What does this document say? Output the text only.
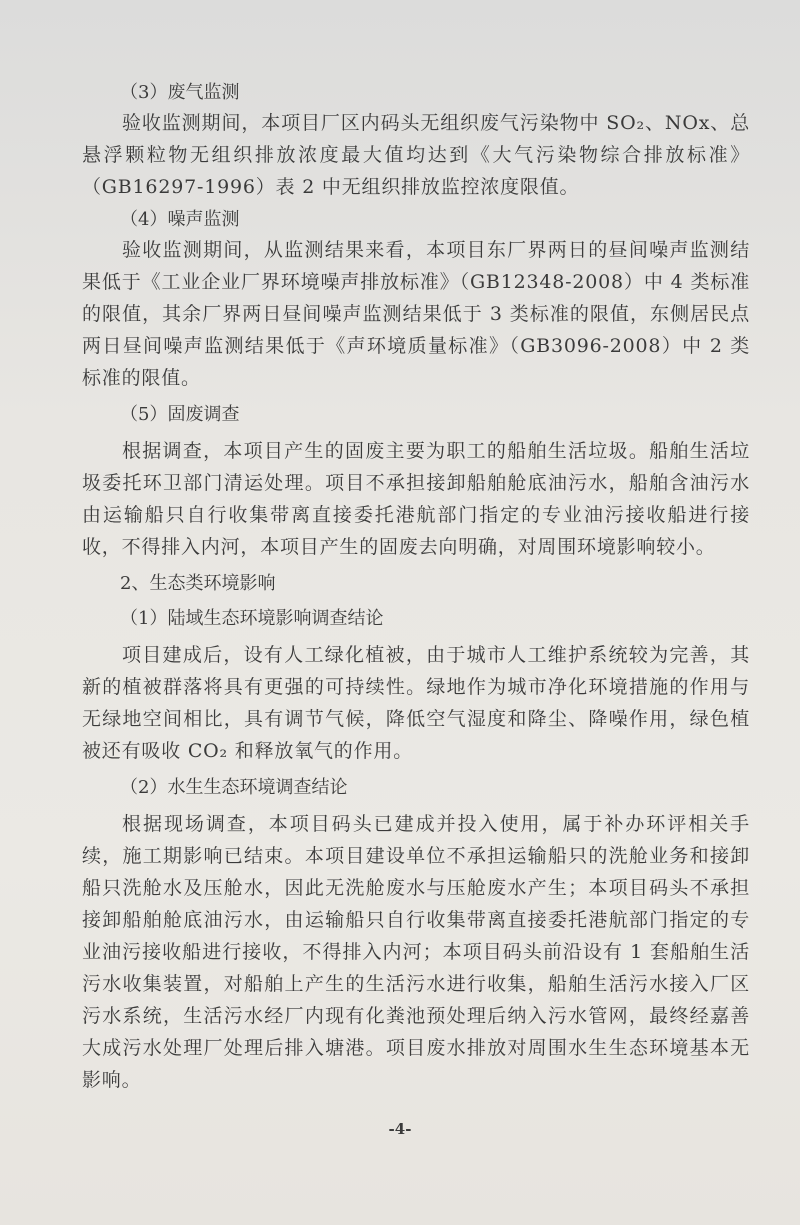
（3）废气监测

验收监测期间，本项目厂区内码头无组织废气污染物中 SO₂、NOx、总悬浮颗粒物无组织排放浓度最大值均达到《大气污染物综合排放标准》（GB16297-1996）表 2 中无组织排放监控浓度限值。

（4）噪声监测

验收监测期间，从监测结果来看，本项目东厂界两日的昼间噪声监测结果低于《工业企业厂界环境噪声排放标准》（GB12348-2008）中 4 类标准的限值，其余厂界两日昼间噪声监测结果低于 3 类标准的限值，东侧居民点两日昼间噪声监测结果低于《声环境质量标准》（GB3096-2008）中 2 类标准的限值。

（5）固废调查

根据调查，本项目产生的固废主要为职工的船舶生活垃圾。船舶生活垃圾委托环卫部门清运处理。项目不承担接卸船舶舱底油污水，船舶含油污水由运输船只自行收集带离直接委托港航部门指定的专业油污接收船进行接收，不得排入内河，本项目产生的固废去向明确，对周围环境影响较小。

2、生态类环境影响
（1）陆域生态环境影响调查结论

项目建成后，设有人工绿化植被，由于城市人工维护系统较为完善，其新的植被群落将具有更强的可持续性。绿地作为城市净化环境措施的作用与无绿地空间相比，具有调节气候，降低空气湿度和降尘、降噪作用，绿色植被还有吸收 CO₂ 和释放氧气的作用。

（2）水生生态环境调查结论

根据现场调查，本项目码头已建成并投入使用，属于补办环评相关手续，施工期影响已结束。本项目建设单位不承担运输船只的洗舱业务和接卸船只洗舱水及压舱水，因此无洗舱废水与压舱废水产生；本项目码头不承担接卸船舶舱底油污水，由运输船只自行收集带离直接委托港航部门指定的专业油污接收船进行接收，不得排入内河；本项目码头前沿设有 1 套船舶生活污水收集装置，对船舶上产生的生活污水进行收集，船舶生活污水接入厂区污水系统，生活污水经厂内现有化粪池预处理后纳入污水管网，最终经嘉善大成污水处理厂处理后排入塘港。项目废水排放对周围水生生态环境基本无影响。

-4-
